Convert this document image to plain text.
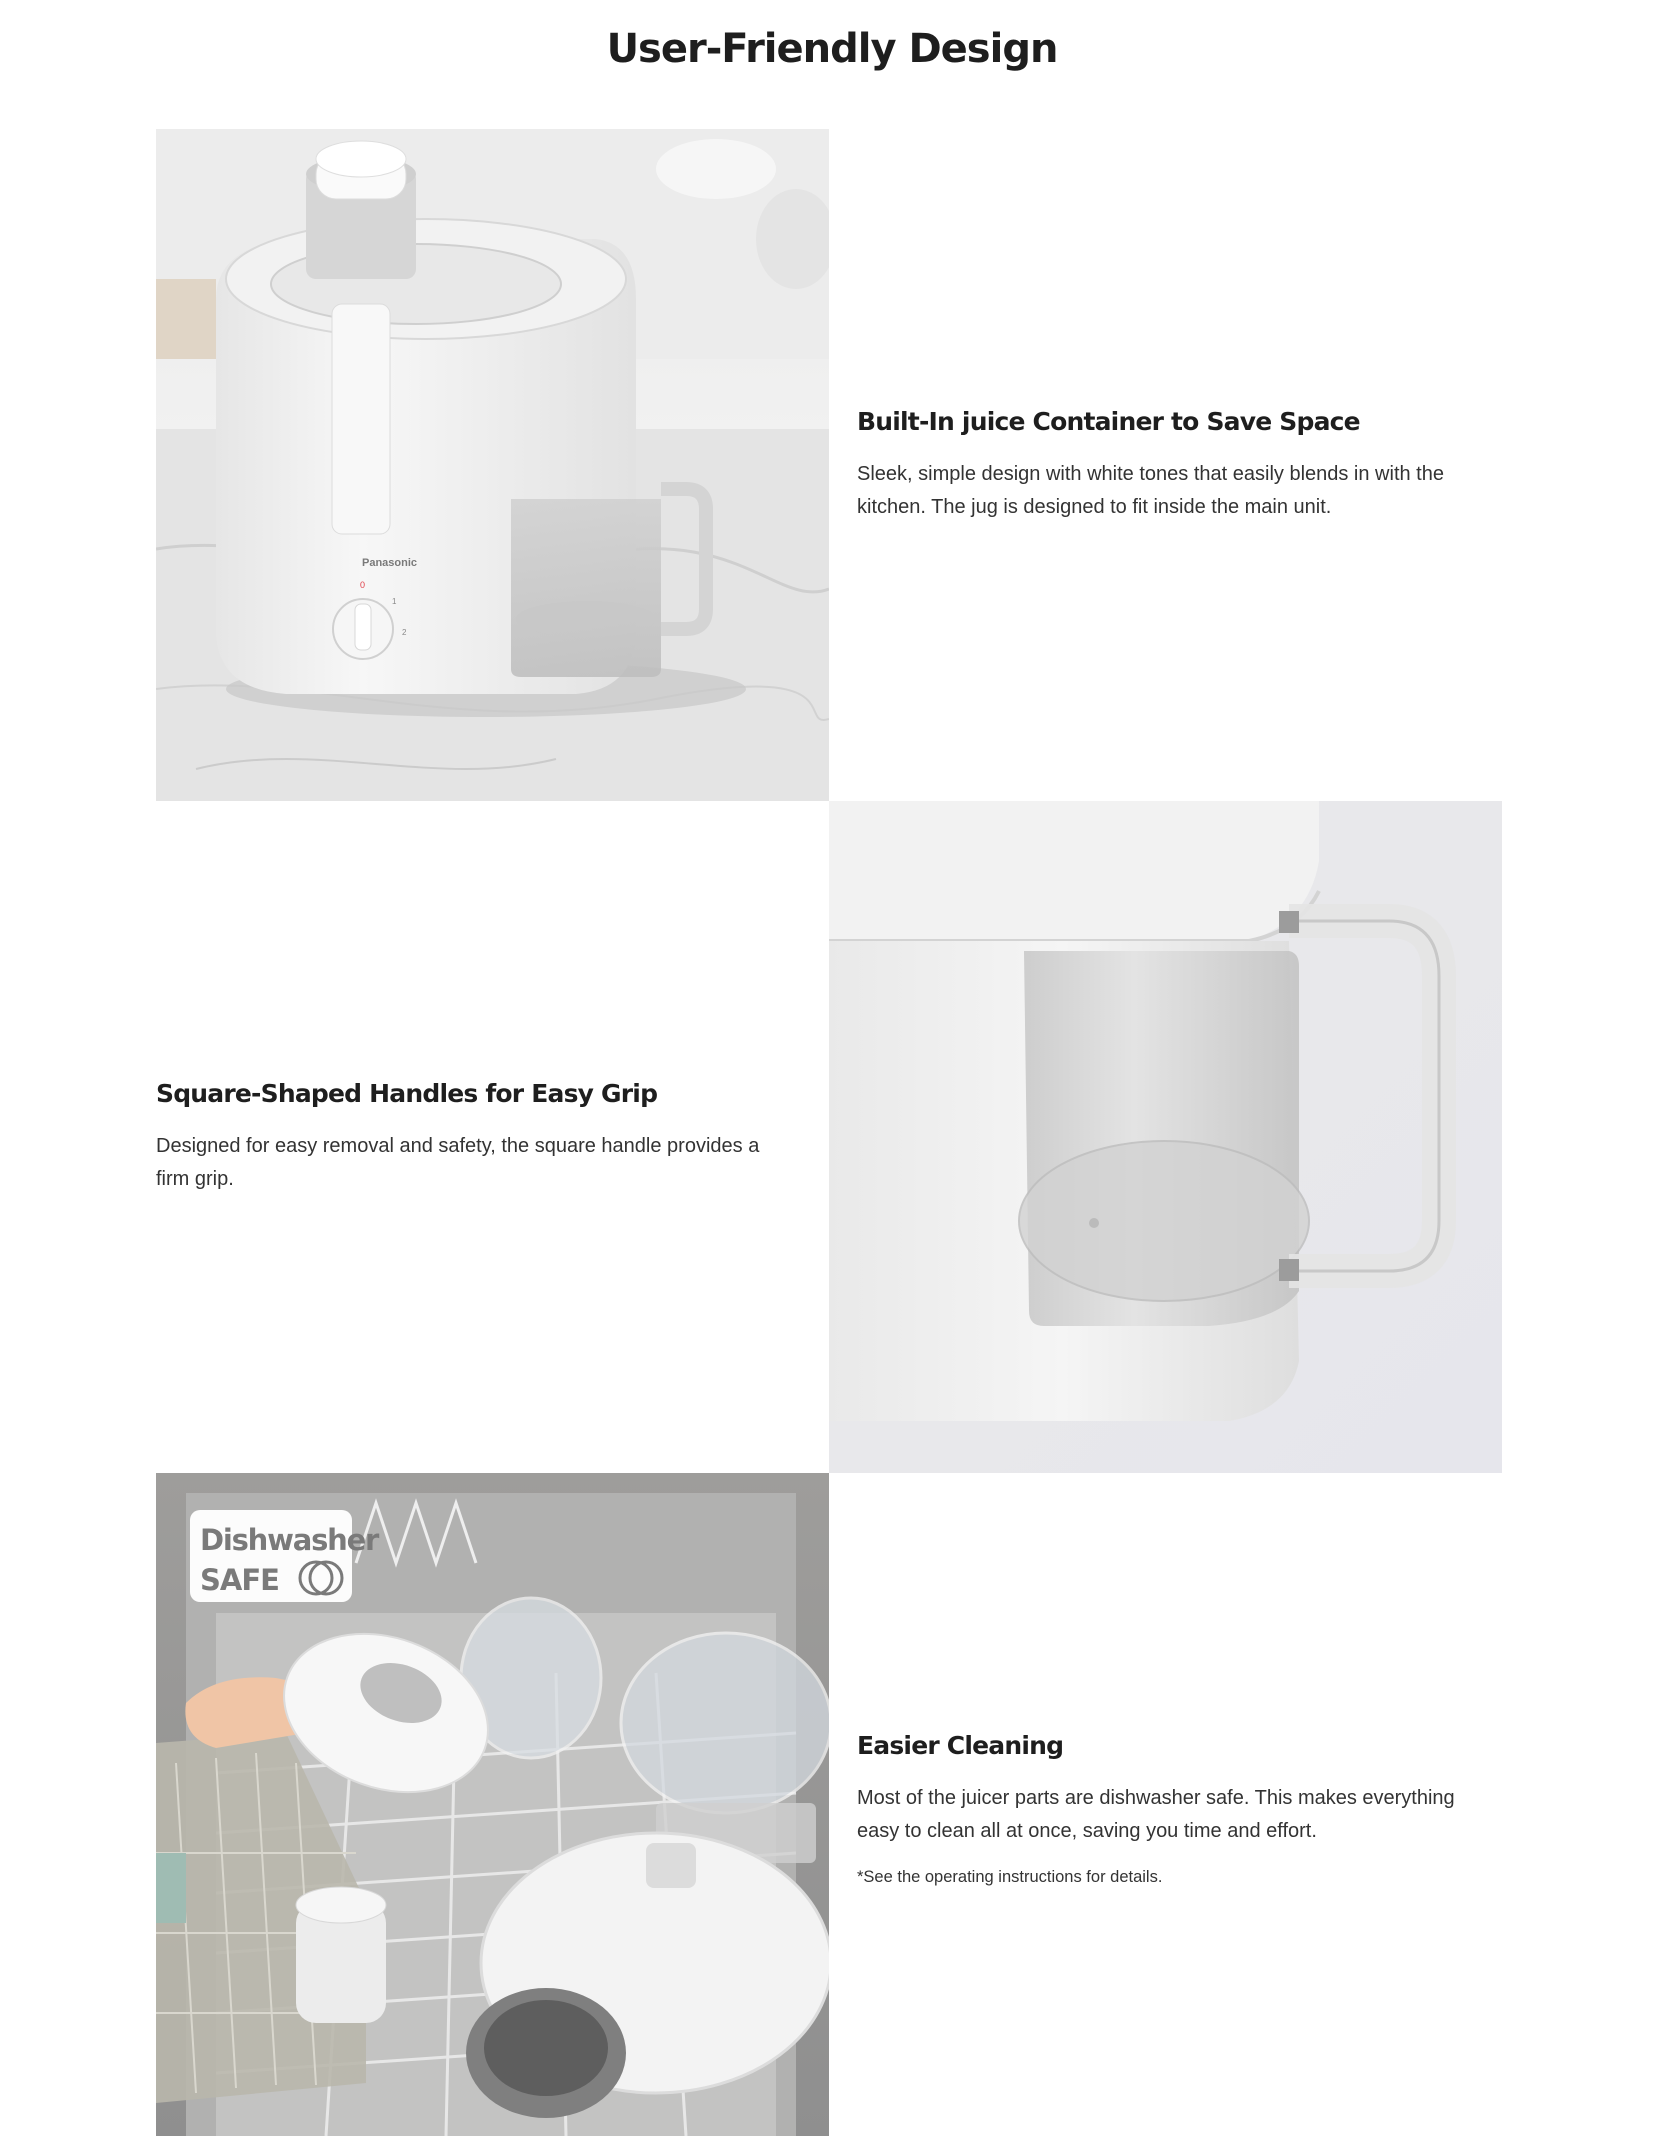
User-Friendly Design
Panasonic
0
1
2
Built-In juice Container to Save Space

Sleek, simple design with white tones that easily blends in with the kitchen. The jug is designed to fit inside the main unit.

Square-Shaped Handles for Easy Grip

Designed for easy removal and safety, the square handle provides a firm grip.

Dishwasher
SAFE
Easier Cleaning

Most of the juicer parts are dishwasher safe. This makes everything easy to clean all at once, saving you time and effort.

*See the operating instructions for details.
